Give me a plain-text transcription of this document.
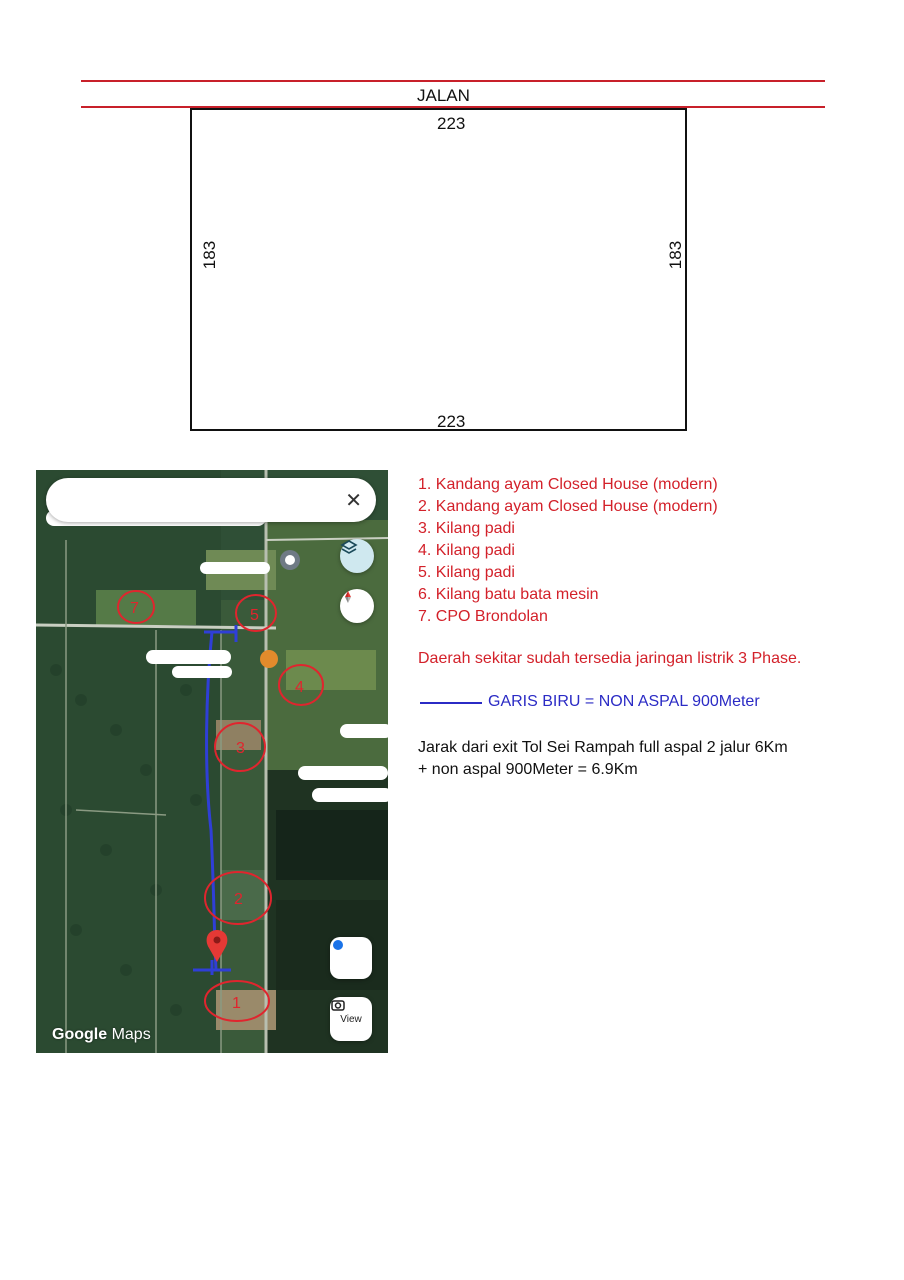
JALAN
223
223
183	183
1
2
3
4
5
7
✕
View
Google Maps
1. Kandang ayam Closed House (modern)
2. Kandang ayam Closed House (modern)
3. Kilang padi
4. Kilang padi
5. Kilang padi
6. Kilang batu bata mesin
7. CPO Brondolan
Daerah sekitar sudah tersedia jaringan listrik 3 Phase.
GARIS BIRU = NON ASPAL 900Meter
Jarak dari exit Tol Sei Rampah full aspal 2 jalur 6Km
+ non aspal 900Meter = 6.9Km
